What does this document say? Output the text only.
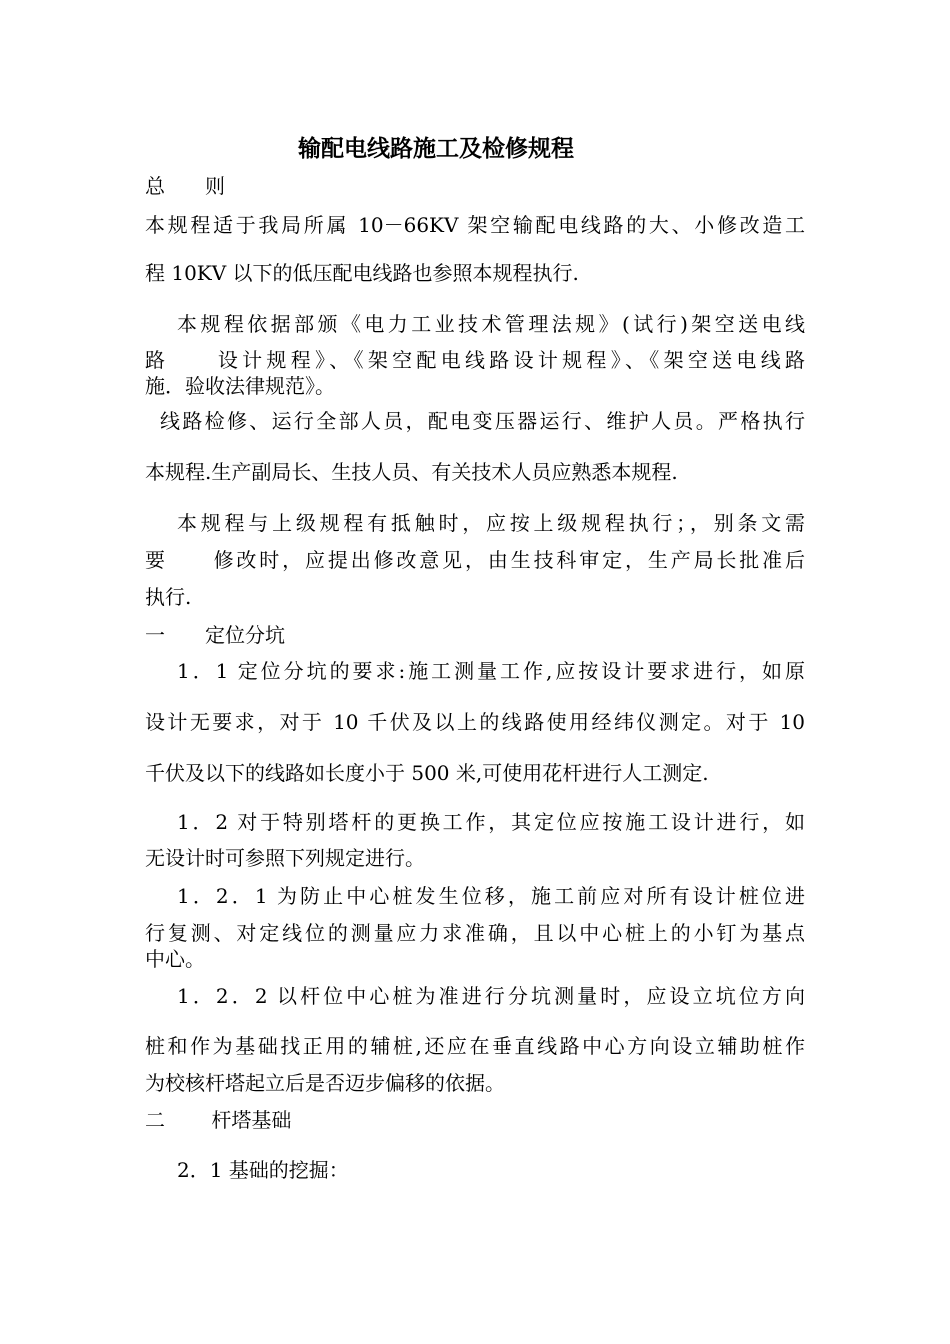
输配电线路施工及检修规程
总　　则
本规程适于我局所属 10－66KV 架空输配电线路的大、小修改造工
程 10KV 以下的低压配电线路也参照本规程执行.
本规程依据部颁《电力工业技术管理法规》(试行)架空送电线
路　　设计规程》、《架空配电线路设计规程》、《架空送电线路
施．验收法律规范》。
线路检修、运行全部人员，配电变压器运行、维护人员。严格执行
本规程.生产副局长、生技人员、有关技术人员应熟悉本规程.
本规程与上级规程有抵触时，应按上级规程执行；，别条文需
要　　修改时，应提出修改意见，由生技科审定，生产局长批准后
执行.
一　　定位分坑
1．1 定位分坑的要求:施工测量工作,应按设计要求进行，如原
设计无要求，对于 10 千伏及以上的线路使用经纬仪测定。对于 10
千伏及以下的线路如长度小于 500 米,可使用花杆进行人工测定.
1．2 对于特别塔杆的更换工作，其定位应按施工设计进行，如
无设计时可参照下列规定进行。
1．2．1 为防止中心桩发生位移，施工前应对所有设计桩位进
行复测、对定线位的测量应力求准确，且以中心桩上的小钉为基点
中心。
1．2．2 以杆位中心桩为准进行分坑测量时，应设立坑位方向
桩和作为基础找正用的辅桩,还应在垂直线路中心方向设立辅助桩作
为校核杆塔起立后是否迈步偏移的依据。
二　　 杆塔基础
2．1 基础的挖掘：
